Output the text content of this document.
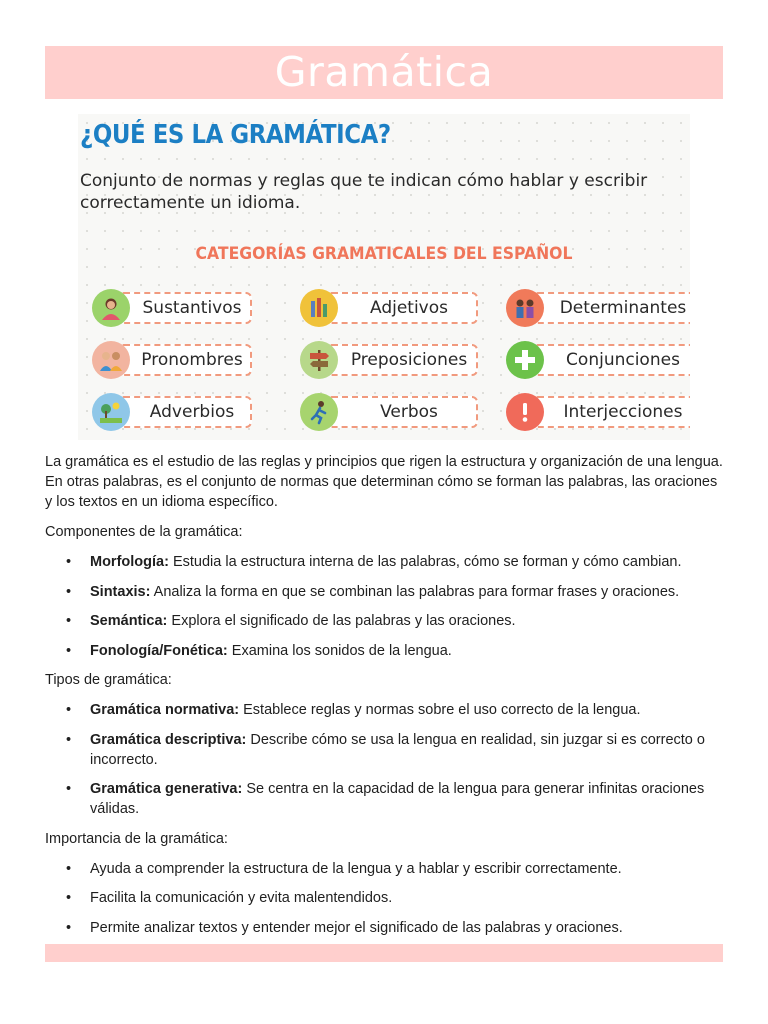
Gramática
¿QUÉ ES LA GRAMÁTICA?

Conjunto de normas y reglas que te indican cómo hablar y escribir correctamente un idioma.

CATEGORÍAS GRAMATICALES DEL ESPAÑOL
Sustantivos	Adjetivos	Determinantes
Pronombres	Preposiciones	Conjunciones
Adverbios	Verbos	Interjecciones

La gramática es el estudio de las reglas y principios que rigen la estructura y organización de una lengua. En otras palabras, es el conjunto de normas que determinan cómo se forman las palabras, las oraciones y los textos en un idioma específico.

Componentes de la gramática:

• Morfología: Estudia la estructura interna de las palabras, cómo se forman y cómo cambian.
• Sintaxis: Analiza la forma en que se combinan las palabras para formar frases y oraciones.
• Semántica: Explora el significado de las palabras y las oraciones.
• Fonología/Fonética: Examina los sonidos de la lengua.

Tipos de gramática:

• Gramática normativa: Establece reglas y normas sobre el uso correcto de la lengua.
• Gramática descriptiva: Describe cómo se usa la lengua en realidad, sin juzgar si es correcto o incorrecto.
• Gramática generativa: Se centra en la capacidad de la lengua para generar infinitas oraciones válidas.

Importancia de la gramática:

• Ayuda a comprender la estructura de la lengua y a hablar y escribir correctamente.
• Facilita la comunicación y evita malentendidos.
• Permite analizar textos y entender mejor el significado de las palabras y oraciones.
